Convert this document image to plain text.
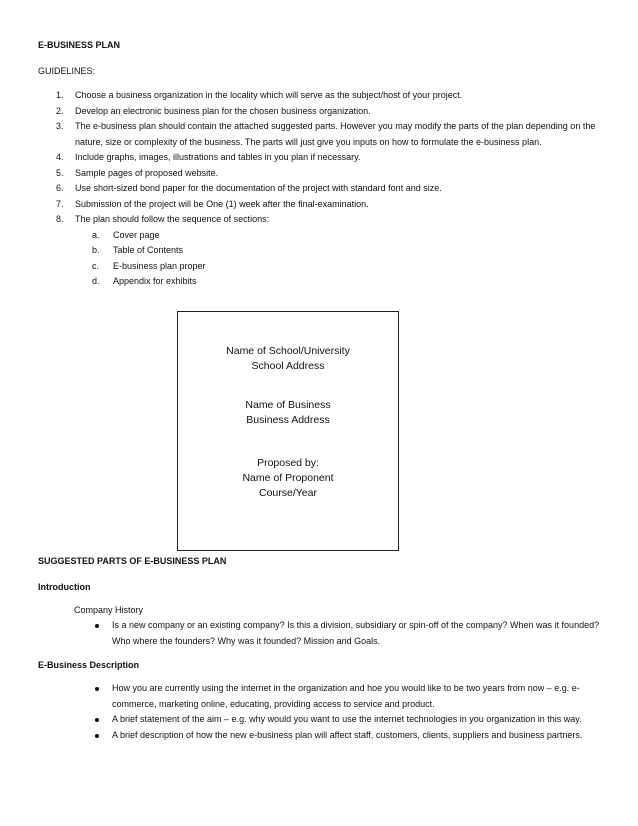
E-BUSINESS PLAN
GUIDELINES:
1. Choose a business organization in the locality which will serve as the subject/host of your project.
2. Develop an electronic business plan for the chosen business organization.
3. The e-business plan should contain the attached suggested parts. However you may modify the parts of the plan depending on the nature, size or complexity of the business. The parts will just give you inputs on how to formulate the e-business plan.
4. Include graphs, images, illustrations and tables in you plan if necessary.
5. Sample pages of proposed website.
6. Use short-sized bond paper for the documentation of the project with standard font and size.
7. Submission of the project will be One (1) week after the final-examination.
8. The plan should follow the sequence of sections:
a. Cover page
b. Table of Contents
c. E-business plan proper
d. Appendix for exhibits
Name of School/University
School Address
Name of Business
Business Address
Proposed by:
Name of Proponent
Course/Year
SUGGESTED PARTS OF E-BUSINESS PLAN
Introduction
Company History
Is a new company or an existing company? Is this a division, subsidiary or spin-off of the company? When was it founded? Who where the founders? Why was it founded? Mission and Goals.
E-Business Description
How you are currently using the internet in the organization and hoe you would like to be two years from now – e.g. e-commerce, marketing online, educating, providing access to service and product.
A brief statement of the aim – e.g. why would you want to use the internet technologies in you organization in this way.
A brief description of how the new e-business plan will affect staff, customers, clients, suppliers and business partners.
